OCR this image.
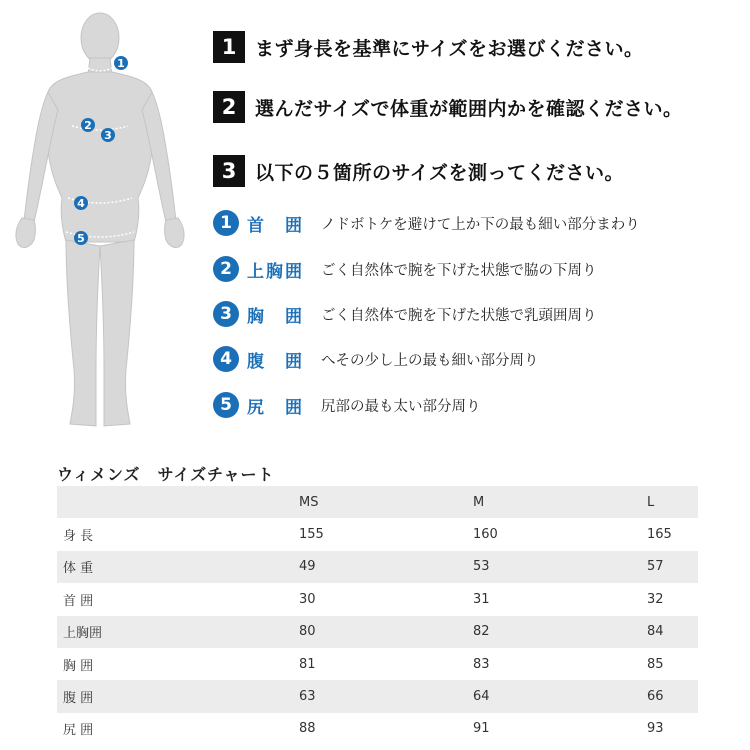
1
2
3
4
5
1 まず身長を基準にサイズをお選びください。
2 選んだサイズで体重が範囲内かを確認ください。
3 以下の５箇所のサイズを測ってください。
1 首　囲	ノドボトケを避けて上か下の最も細い部分まわり
2 上胸囲	ごく自然体で腕を下げた状態で脇の下周り
3 胸　囲	ごく自然体で腕を下げた状態で乳頭囲周り
4 腹　囲	へその少し上の最も細い部分周り
5 尻　囲	尻部の最も太い部分周り
ウィメンズ　サイズチャート
	MS	M	L
身 長	155	160	165
体 重	49	53	57
首 囲	30	31	32
上胸囲	80	82	84
胸 囲	81	83	85
腹 囲	63	64	66
尻 囲	88	91	93
